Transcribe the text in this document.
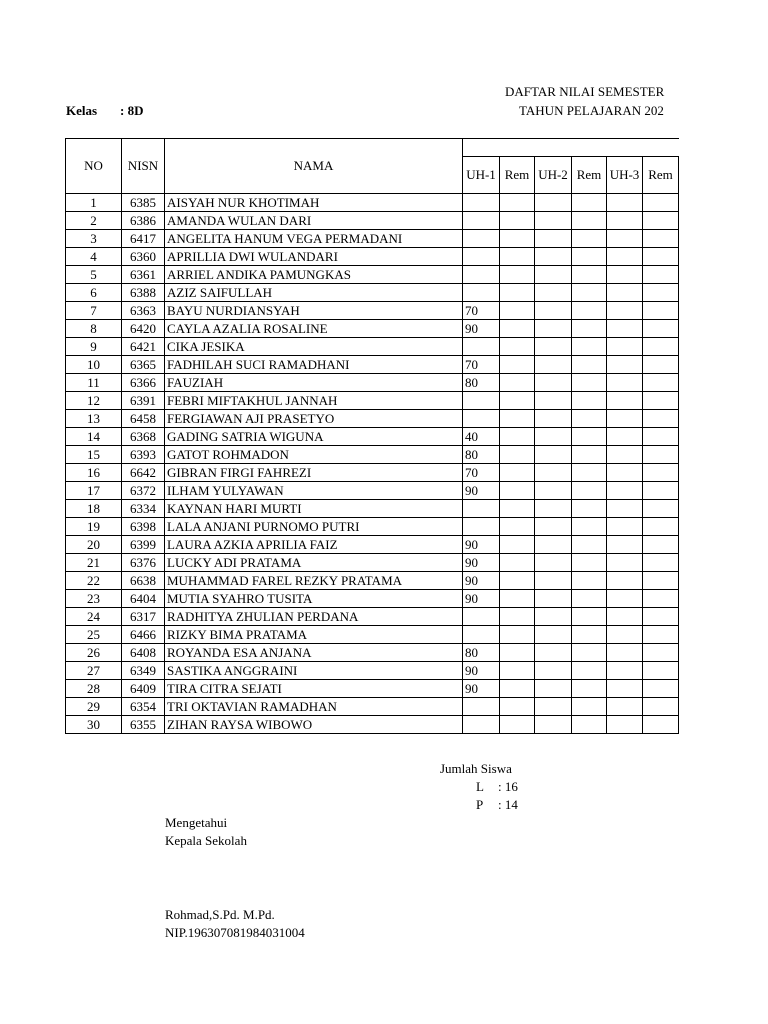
DAFTAR NILAI SEMESTER
TAHUN PELAJARAN 202
Kelas : 8D
NO	NISN	NAMA						
			UH-1	Rem	UH-2	Rem	UH-3	Rem
1	6385	AISYAH NUR KHOTIMAH						
2	6386	AMANDA WULAN DARI						
3	6417	ANGELITA HANUM VEGA PERMADANI						
4	6360	APRILLIA DWI WULANDARI						
5	6361	ARRIEL ANDIKA PAMUNGKAS						
6	6388	AZIZ SAIFULLAH						
7	6363	BAYU NURDIANSYAH	70					
8	6420	CAYLA AZALIA ROSALINE	90					
9	6421	CIKA JESIKA						
10	6365	FADHILAH SUCI RAMADHANI	70					
11	6366	FAUZIAH	80					
12	6391	FEBRI MIFTAKHUL JANNAH						
13	6458	FERGIAWAN AJI PRASETYO						
14	6368	GADING SATRIA WIGUNA	40					
15	6393	GATOT ROHMADON	80					
16	6642	GIBRAN FIRGI FAHREZI	70					
17	6372	ILHAM YULYAWAN	90					
18	6334	KAYNAN HARI MURTI						
19	6398	LALA ANJANI PURNOMO PUTRI						
20	6399	LAURA AZKIA APRILIA FAIZ	90					
21	6376	LUCKY ADI PRATAMA	90					
22	6638	MUHAMMAD FAREL REZKY PRATAMA	90					
23	6404	MUTIA SYAHRO TUSITA	90					
24	6317	RADHITYA ZHULIAN PERDANA						
25	6466	RIZKY BIMA PRATAMA						
26	6408	ROYANDA ESA ANJANA	80					
27	6349	SASTIKA ANGGRAINI	90					
28	6409	TIRA CITRA SEJATI	90					
29	6354	TRI OKTAVIAN RAMADHAN						
30	6355	ZIHAN RAYSA WIBOWO						
Jumlah Siswa
L : 16
P : 14
Mengetahui
Kepala Sekolah
Rohmad,S.Pd. M.Pd.
NIP.196307081984031004
